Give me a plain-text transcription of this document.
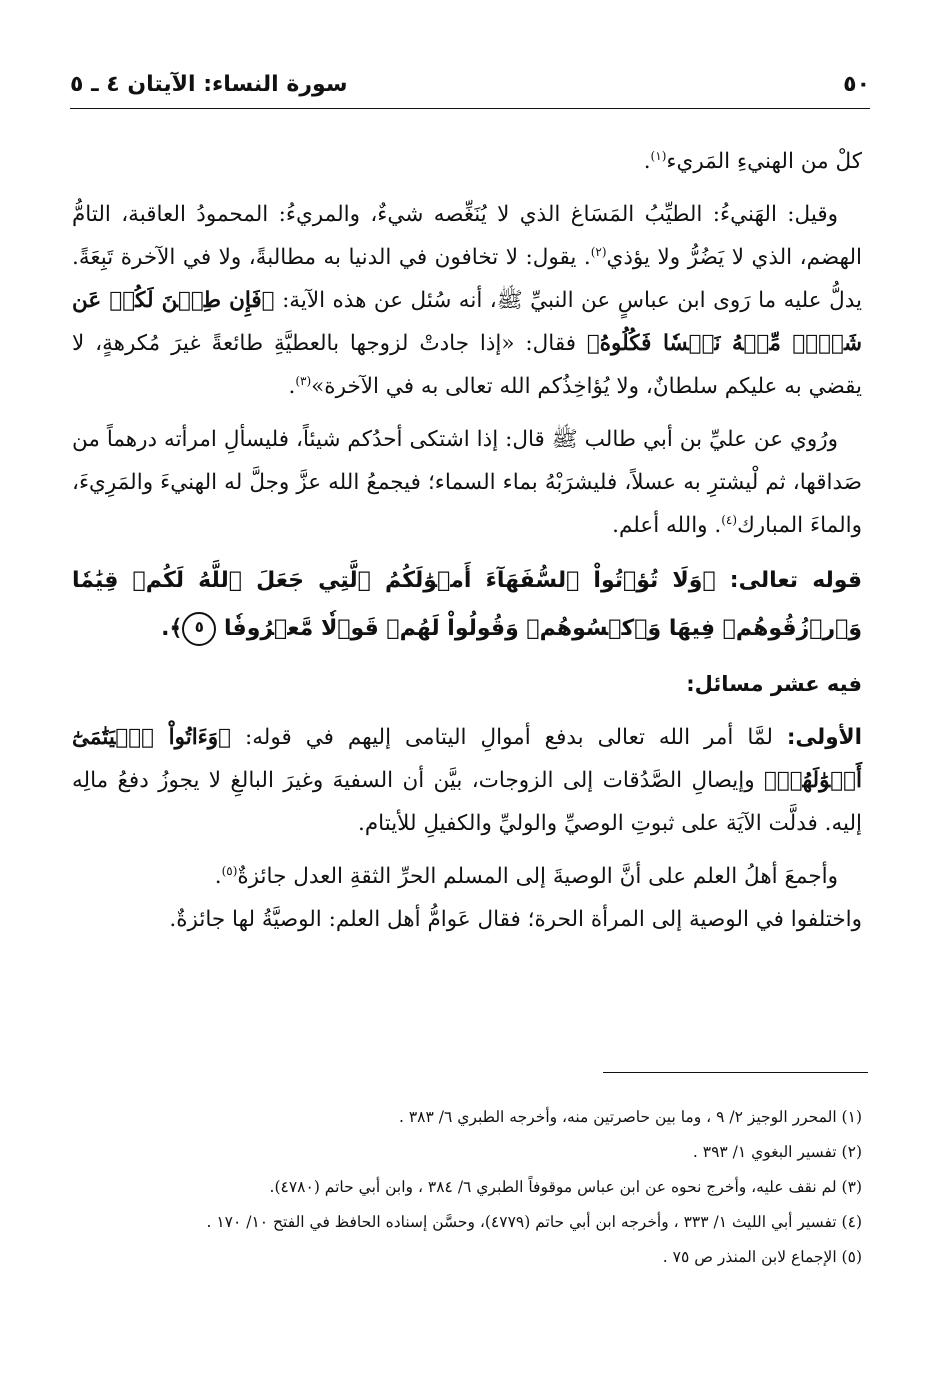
٥٠
سورة النساء: الآيتان ٤ ـ ٥

كلْ من الهنيءِ المَريء$^{(١)}$.

وقيل: الهَنيءُ: الطيِّبُ المَسَاغ الذي لا يُنَغِّصه شيءٌ، والمريءُ: المحمودُ العاقبة، التامُّ الهضم، الذي لا يَضُرُّ ولا يؤذي$^{(٢)}$. يقول: لا تخافون في الدنيا به مطالبةً، ولا في الآخرة تَبِعَةً. يدلُّ عليه ما رَوى ابن عباسٍ عن النبيِّ ﷺ، أنه سُئل عن هذه الآية: ﴿فَإِن طِبۡنَ لَكُمۡ عَن شَيۡءٖ مِّنۡهُ نَفۡسٗا فَكُلُوهُ﴾ فقال: «إذا جادتْ لزوجها بالعطيَّةِ طائعةً غيرَ مُكرهةٍ، لا يقضي به عليكم سلطانٌ، ولا يُؤاخِذُكم الله تعالى به في الآخرة»$^{(٣)}$.

ورُوي عن عليِّ بن أبي طالب ﷺ قال: إذا اشتكى أحدُكم شيئاً، فليسألِ امرأته درهماً من صَداقها، ثم لْيشترِ به عسلاً، فليشرَبْهُ بماء السماء؛ فيجمعُ الله عزَّ وجلَّ له الهنيءَ والمَرِيءَ، والماءَ المبارك$^{(٤)}$. والله أعلم.

قوله تعالى: ﴿وَلَا تُؤۡتُواْ ٱلسُّفَهَآءَ أَمۡوَٰلَكُمُ ٱلَّتِي جَعَلَ ٱللَّهُ لَكُمۡ قِيَٰمٗا وَٱرۡزُقُوهُمۡ فِيهَا وَٱكۡسُوهُمۡ وَقُولُواْ لَهُمۡ قَوۡلٗا مَّعۡرُوفٗا ٥﴾.

فيه عشر مسائل:

الأولى: لمَّا أمر الله تعالى بدفع أموالِ اليتامى إليهم في قوله: ﴿وَءَاتُواْ ٱلۡيَتَٰمَىٰٓ أَمۡوَٰلَهُمۡ﴾ وإيصالِ الصَّدُقات إلى الزوجات، بيَّن أن السفيهَ وغيرَ البالغِ لا يجوزُ دفعُ مالِه إليه. فدلَّت الآيَة على ثبوتِ الوصيِّ والوليِّ والكفيلِ للأيتام.

وأجمعَ أهلُ العلم على أنَّ الوصيةَ إلى المسلم الحرِّ الثقةِ العدل جائزةٌ$^{(٥)}$.

واختلفوا في الوصية إلى المرأة الحرة؛ فقال عَوامُّ أهل العلم: الوصيَّةُ لها جائزةٌ.

(١) المحرر الوجيز ٢/ ٩ ، وما بين حاصرتين منه، وأخرجه الطبري ٦/ ٣٨٣ .
(٢) تفسير البغوي ١/ ٣٩٣ .
(٣) لم نقف عليه، وأخرج نحوه عن ابن عباس موقوفاً الطبري ٦/ ٣٨٤ ، وابن أبي حاتم (٤٧٨٠).
(٤) تفسير أبي الليث ١/ ٣٣٣ ، وأخرجه ابن أبي حاتم (٤٧٧٩)، وحسَّن إسناده الحافظ في الفتح ١٠/ ١٧٠ .
(٥) الإجماع لابن المنذر ص ٧٥ .
